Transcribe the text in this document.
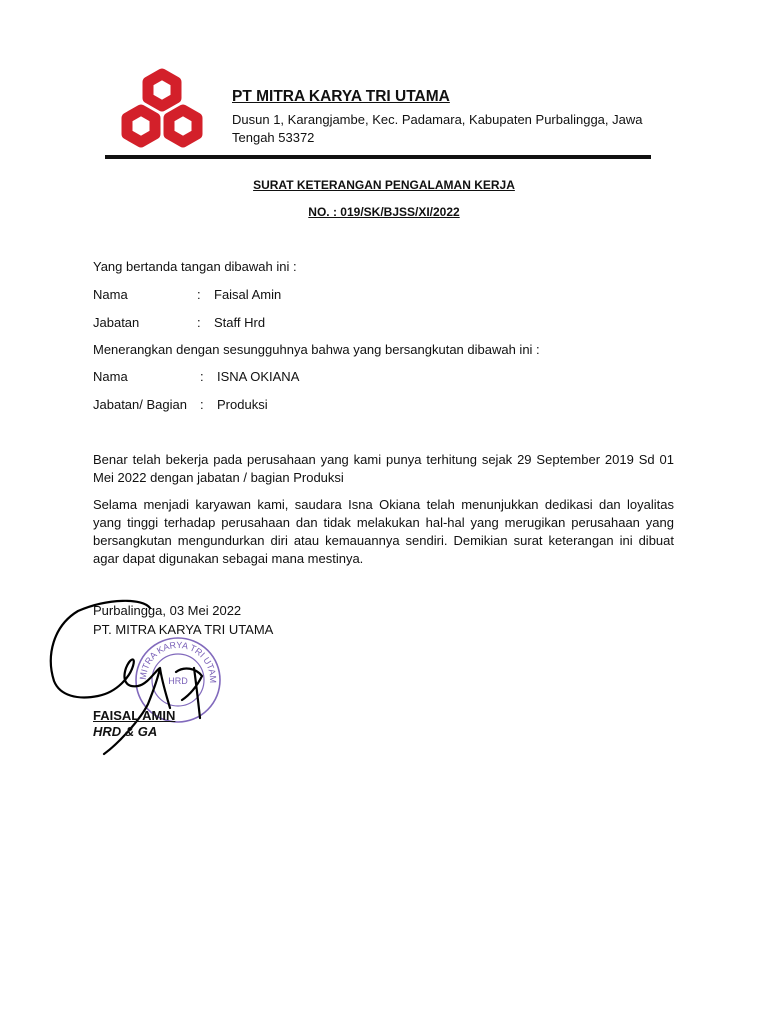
PT MITRA KARYA TRI UTAMA
Dusun 1, Karangjambe, Kec. Padamara, Kabupaten Purbalingga, Jawa Tengah 53372
SURAT KETERANGAN PENGALAMAN KERJA
NO. : 019/SK/BJSS/XI/2022
Yang bertanda tangan dibawah ini :
Nama	: Faisal Amin
Jabatan	: Staff Hrd
Menerangkan dengan sesungguhnya bahwa yang bersangkutan dibawah ini :
Nama	: ISNA OKIANA
Jabatan/ Bagian : Produksi
Benar telah bekerja pada perusahaan yang kami punya terhitung sejak 29 September 2019 Sd 01 Mei 2022 dengan jabatan / bagian Produksi
Selama menjadi karyawan kami, saudara Isna Okiana telah menunjukkan dedikasi dan loyalitas yang tinggi terhadap perusahaan dan tidak melakukan hal-hal yang merugikan perusahaan yang bersangkutan mengundurkan diri atau kemauannya sendiri. Demikian surat keterangan ini dibuat agar dapat digunakan sebagai mana mestinya.
Purbalingga, 03 Mei 2022
PT. MITRA KARYA TRI UTAMA
MITRA KARYA TRI UTAM
HRD
FAISAL AMIN
HRD & GA
